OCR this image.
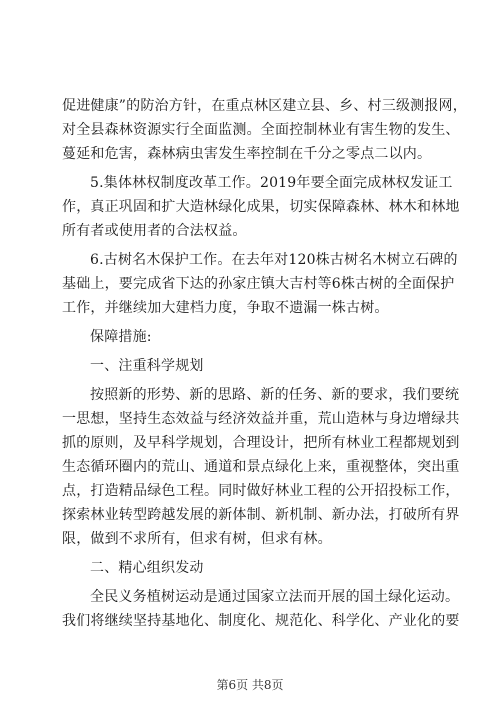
促进健康”的防治方针，在重点林区建立县、乡、村三级测报网，
对全县森林资源实行全面监测。全面控制林业有害生物的发生、
蔓延和危害，森林病虫害发生率控制在千分之零点二以内。
5.集体林权制度改革工作。2019年要全面完成林权发证工
作，真正巩固和扩大造林绿化成果，切实保障森林、林木和林地
所有者或使用者的合法权益。
6.古树名木保护工作。在去年对120株古树名木树立石碑的
基础上，要完成省下达的孙家庄镇大吉村等6株古树的全面保护
工作，并继续加大建档力度，争取不遗漏一株古树。
保障措施:
一、注重科学规划
按照新的形势、新的思路、新的任务、新的要求，我们要统
一思想，坚持生态效益与经济效益并重，荒山造林与身边增绿共
抓的原则，及早科学规划，合理设计，把所有林业工程都规划到
生态循环圈内的荒山、通道和景点绿化上来，重视整体，突出重
点，打造精品绿色工程。同时做好林业工程的公开招投标工作，
探索林业转型跨越发展的新体制、新机制、新办法，打破所有界
限，做到不求所有，但求有树，但求有林。
二、精心组织发动
全民义务植树运动是通过国家立法而开展的国土绿化运动。
我们将继续坚持基地化、制度化、规范化、科学化、产业化的要
第6页 共8页
